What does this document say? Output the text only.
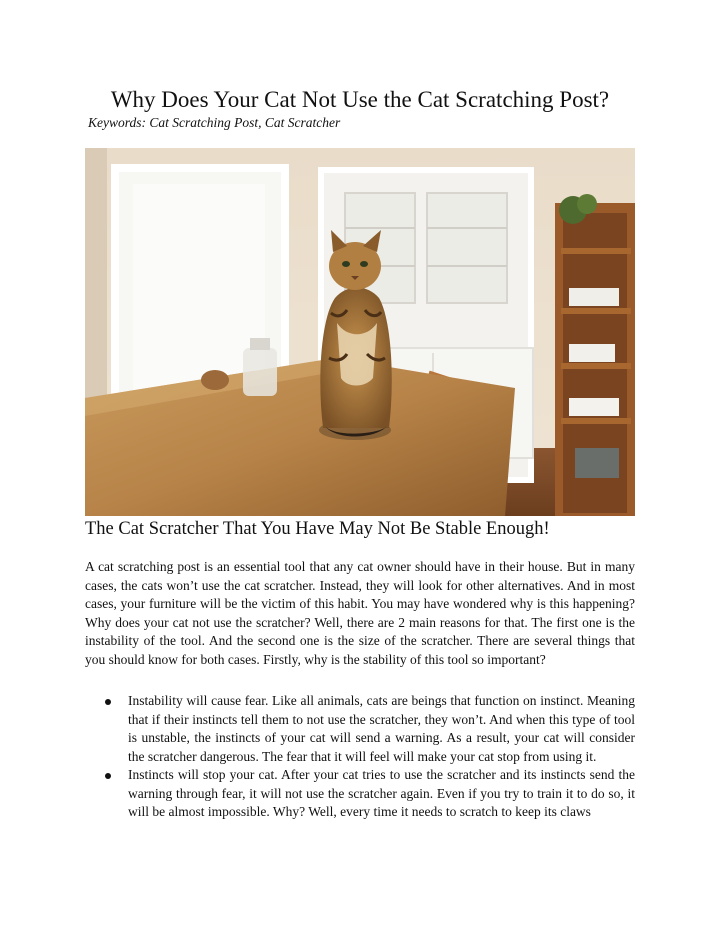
Why Does Your Cat Not Use the Cat Scratching Post?
Keywords: Cat Scratching Post, Cat Scratcher
The Cat Scratcher That You Have May Not Be Stable Enough!
A cat scratching post is an essential tool that any cat owner should have in their house. But in many cases, the cats won’t use the cat scratcher. Instead, they will look for other alternatives. And in most cases, your furniture will be the victim of this habit. You may have wondered why is this happening? Why does your cat not use the scratcher? Well, there are 2 main reasons for that. The first one is the instability of the tool. And the second one is the size of the scratcher. There are several things that you should know for both cases. Firstly, why is the stability of this tool so important?
Instability will cause fear. Like all animals, cats are beings that function on instinct. Meaning that if their instincts tell them to not use the scratcher, they won’t. And when this type of tool is unstable, the instincts of your cat will send a warning. As a result, your cat will consider the scratcher dangerous. The fear that it will feel will make your cat stop from using it.
Instincts will stop your cat. After your cat tries to use the scratcher and its instincts send the warning through fear, it will not use the scratcher again. Even if you try to train it to do so, it will be almost impossible. Why? Well, every time it needs to scratch to keep its claws
